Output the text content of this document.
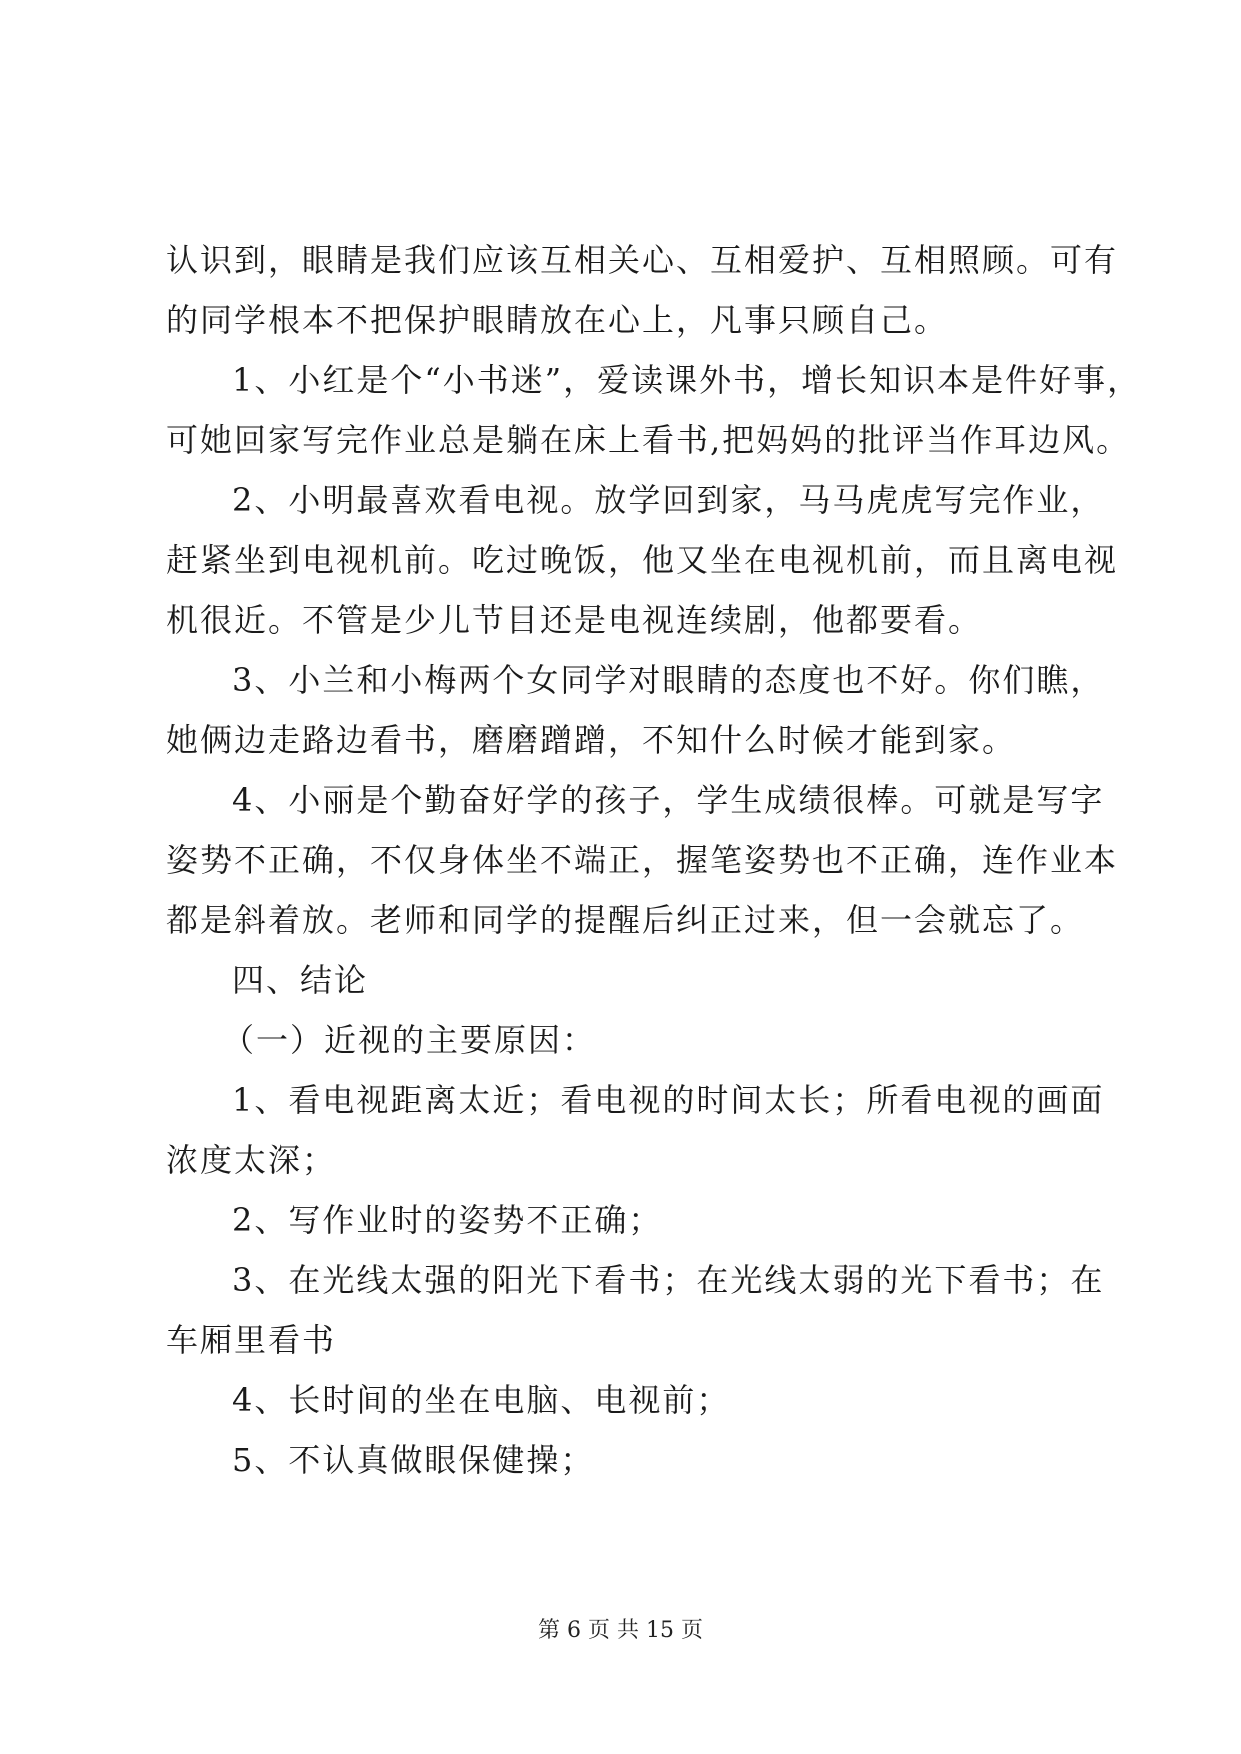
认识到，眼睛是我们应该互相关心、互相爱护、互相照顾。可有
的同学根本不把保护眼睛放在心上，凡事只顾自己。
1、小红是个“小书迷”，爱读课外书，增长知识本是件好事，
可她回家写完作业总是躺在床上看书,把妈妈的批评当作耳边风。
2、小明最喜欢看电视。放学回到家，马马虎虎写完作业，
赶紧坐到电视机前。吃过晚饭，他又坐在电视机前，而且离电视
机很近。不管是少儿节目还是电视连续剧，他都要看。
3、小兰和小梅两个女同学对眼睛的态度也不好。你们瞧，
她俩边走路边看书，磨磨蹭蹭，不知什么时候才能到家。
4、小丽是个勤奋好学的孩子，学生成绩很棒。可就是写字
姿势不正确，不仅身体坐不端正，握笔姿势也不正确，连作业本
都是斜着放。老师和同学的提醒后纠正过来，但一会就忘了。
四、结论
（一）近视的主要原因：
1、看电视距离太近；看电视的时间太长；所看电视的画面
浓度太深；
2、写作业时的姿势不正确；
3、在光线太强的阳光下看书；在光线太弱的光下看书；在
车厢里看书
4、长时间的坐在电脑、电视前；
5、不认真做眼保健操；
第 6 页 共 15 页
